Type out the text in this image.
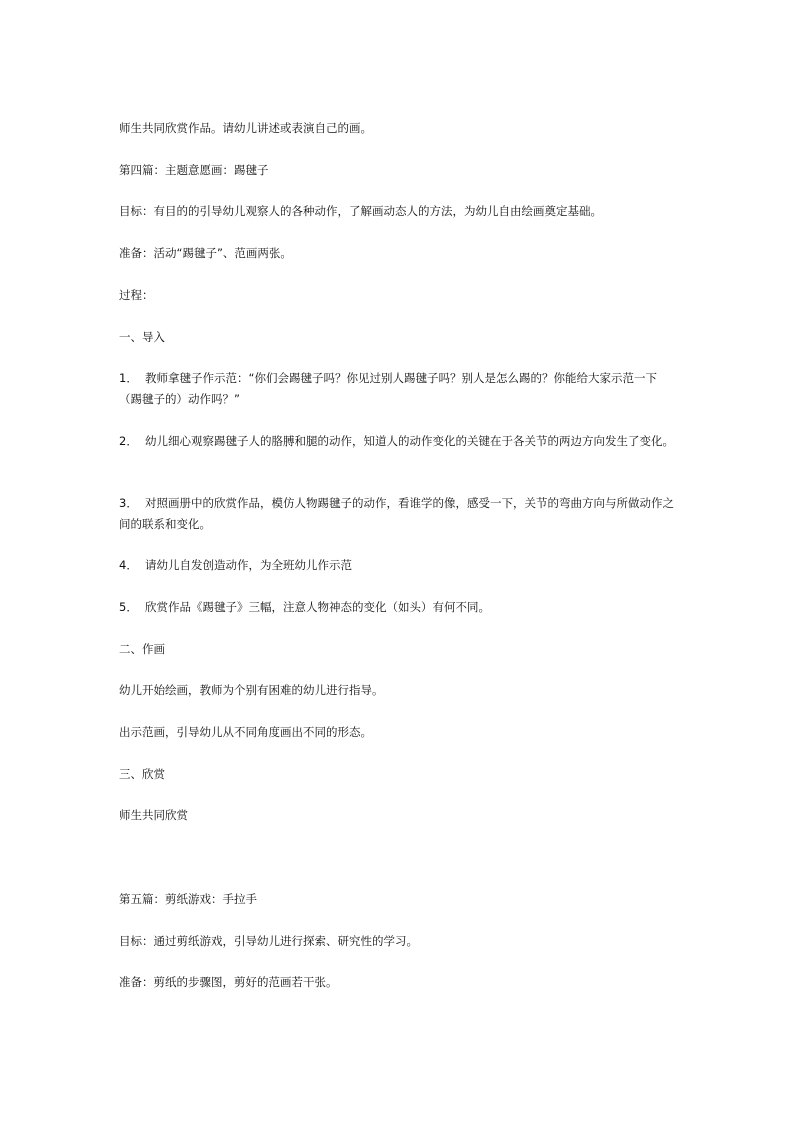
师生共同欣赏作品。请幼儿讲述或表演自己的画。
第四篇：主题意愿画：踢毽子
目标：有目的的引导幼儿观察人的各种动作，了解画动态人的方法，为幼儿自由绘画奠定基础。
准备：活动“踢毽子”、范画两张。
过程：
一、导入
1． 教师拿毽子作示范：“你们会踢毽子吗？你见过别人踢毽子吗？别人是怎么踢的？你能给大家示范一下（踢毽子的）动作吗？”
2． 幼儿细心观察踢毽子人的胳膊和腿的动作，知道人的动作变化的关键在于各关节的两边方向发生了变化。
3． 对照画册中的欣赏作品，模仿人物踢毽子的动作，看谁学的像，感受一下，关节的弯曲方向与所做动作之间的联系和变化。
4． 请幼儿自发创造动作，为全班幼儿作示范
5． 欣赏作品《踢毽子》三幅，注意人物神态的变化（如头）有何不同。
二、作画
幼儿开始绘画，教师为个别有困难的幼儿进行指导。
出示范画，引导幼儿从不同角度画出不同的形态。
三、欣赏
师生共同欣赏
第五篇：剪纸游戏：手拉手
目标：通过剪纸游戏，引导幼儿进行探索、研究性的学习。
准备：剪纸的步骤图，剪好的范画若干张。
